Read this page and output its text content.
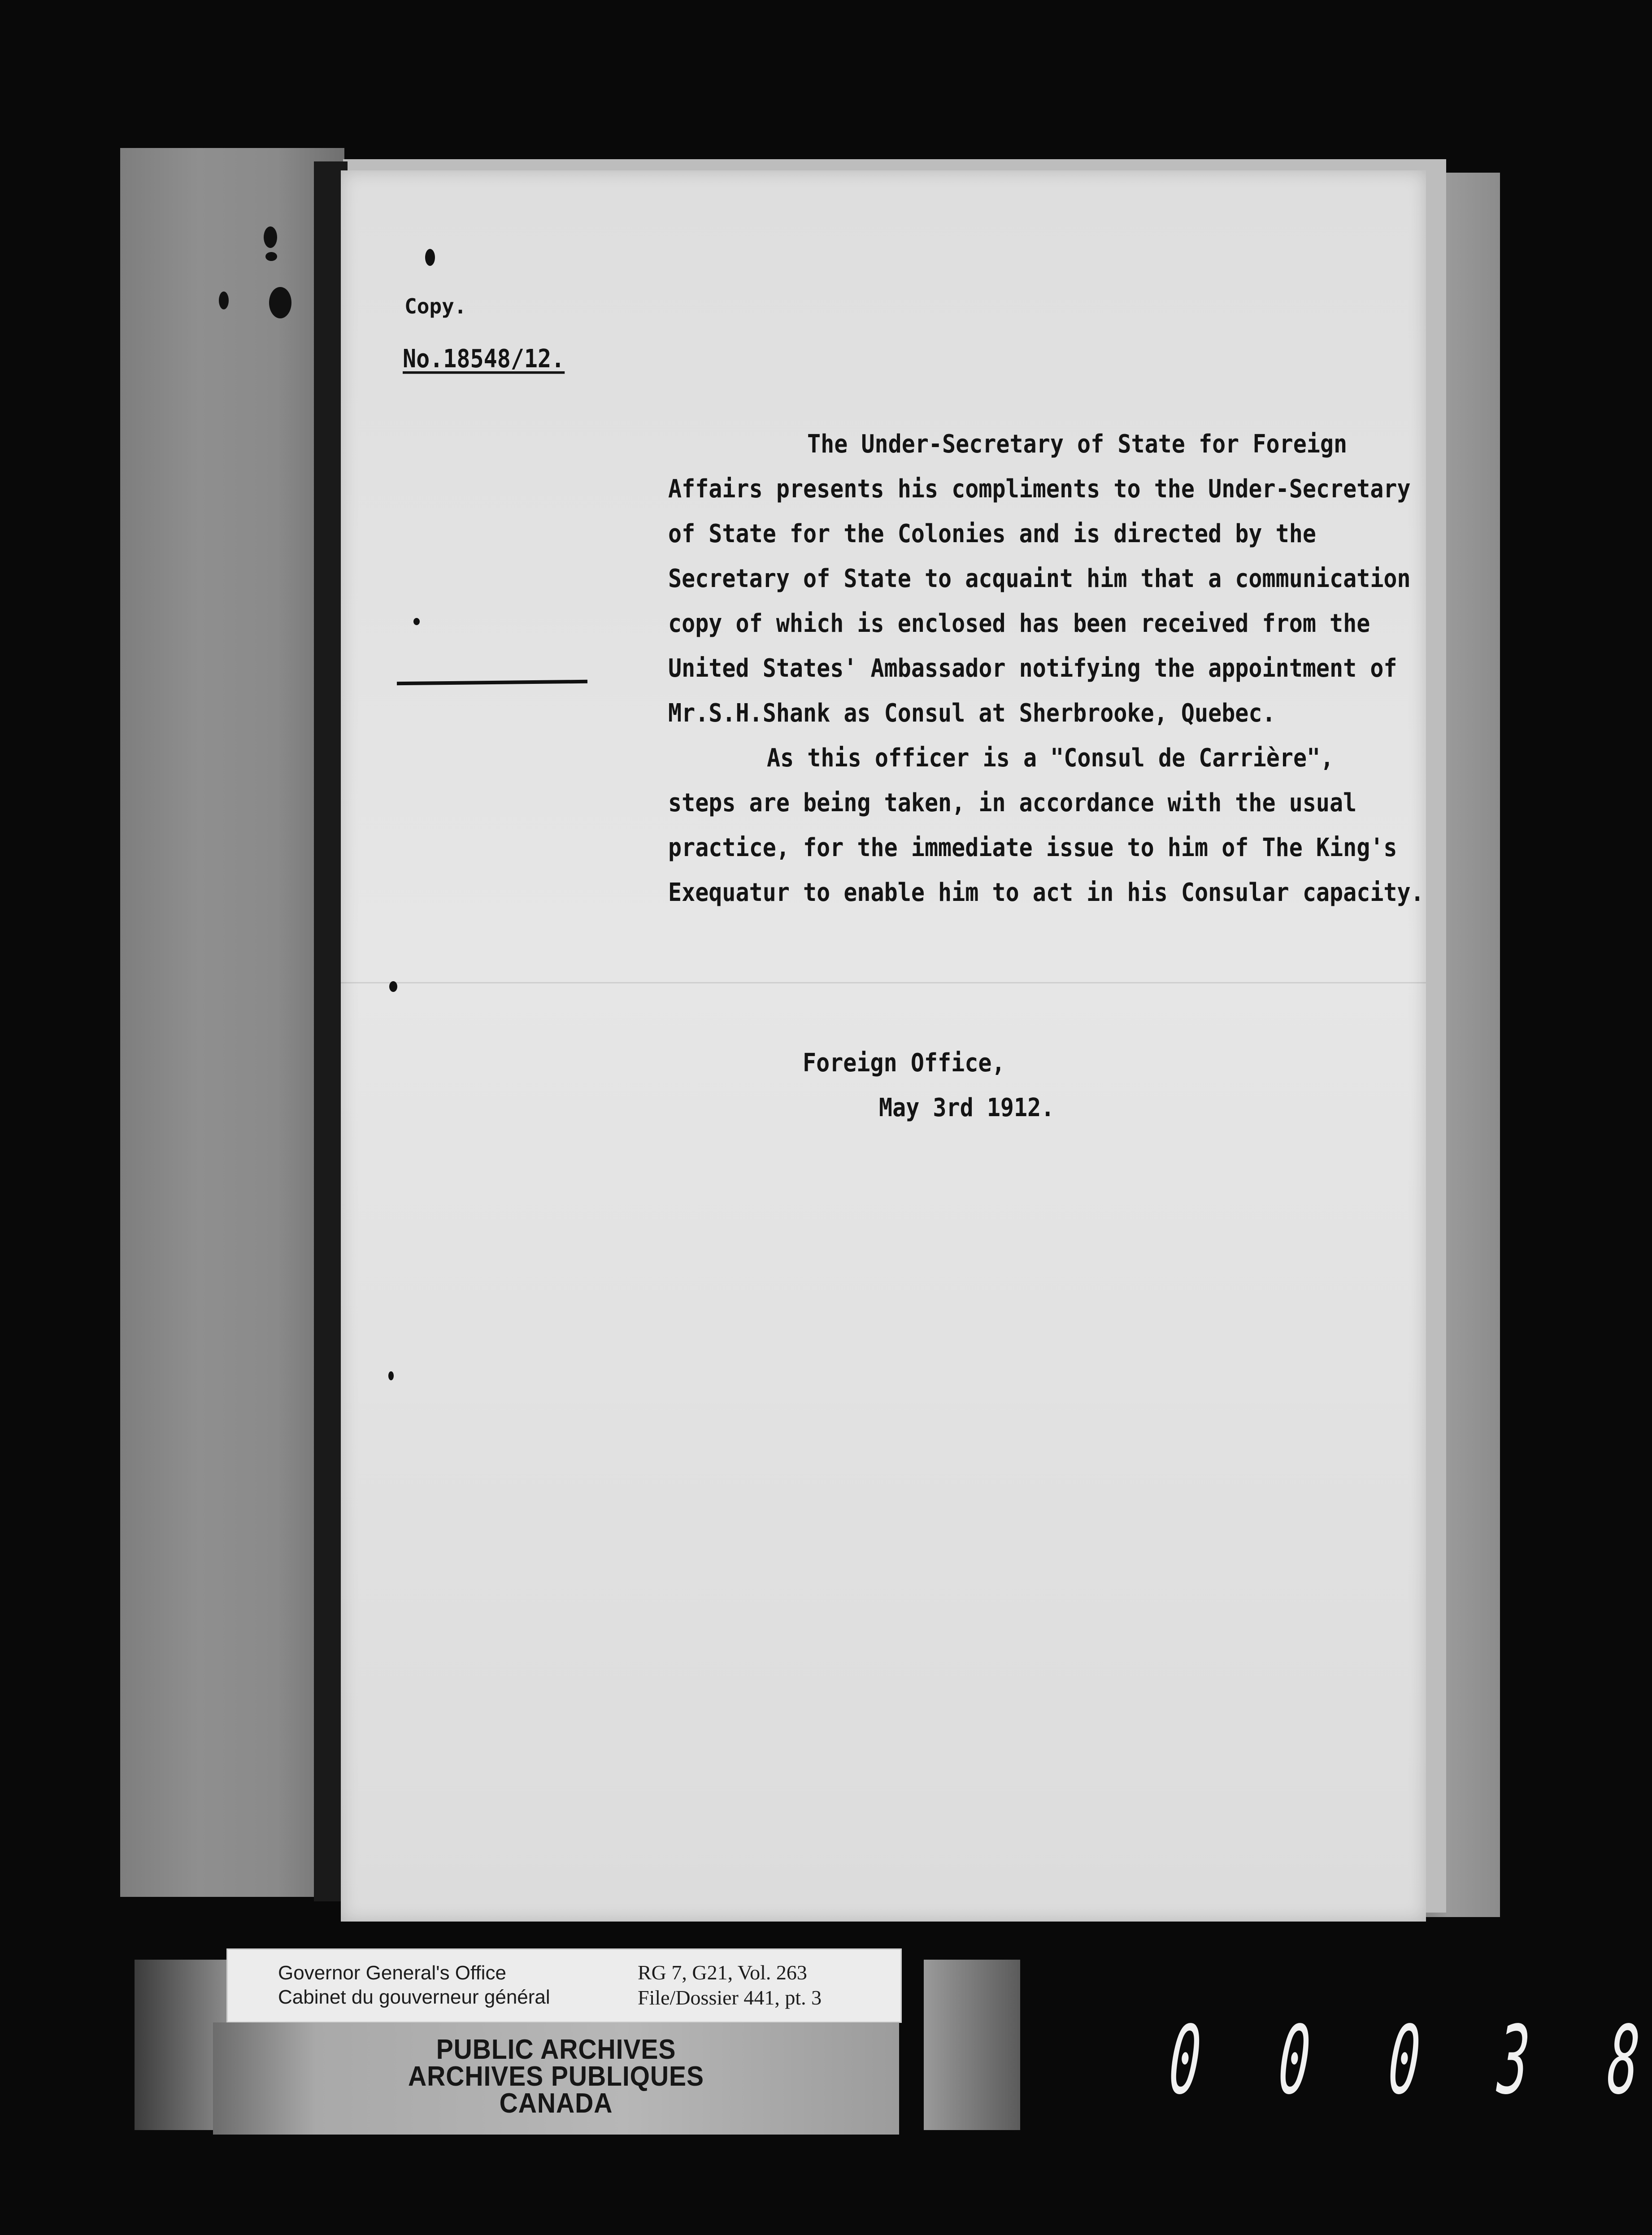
Copy.
No.18548/12.
The Under-Secretary of State for Foreign
Affairs presents his compliments to the Under-Secretary
of State for the Colonies and is directed by the
Secretary of State to acquaint him that a communication
copy of which is enclosed has been received from the
United States' Ambassador notifying the appointment of
Mr.S.H.Shank as Consul at Sherbrooke, Quebec.
As this officer is a "Consul de Carrière",
steps are being taken, in accordance with the usual
practice, for the immediate issue to him of The King's
Exequatur to enable him to act in his Consular capacity.
Foreign Office,
May 3rd 1912.
Governor General's Office
Cabinet du gouverneur général
RG 7, G21, Vol. 263
File/Dossier 441, pt. 3
PUBLIC ARCHIVES
ARCHIVES PUBLIQUES
CANADA	0 0 0 3 8
